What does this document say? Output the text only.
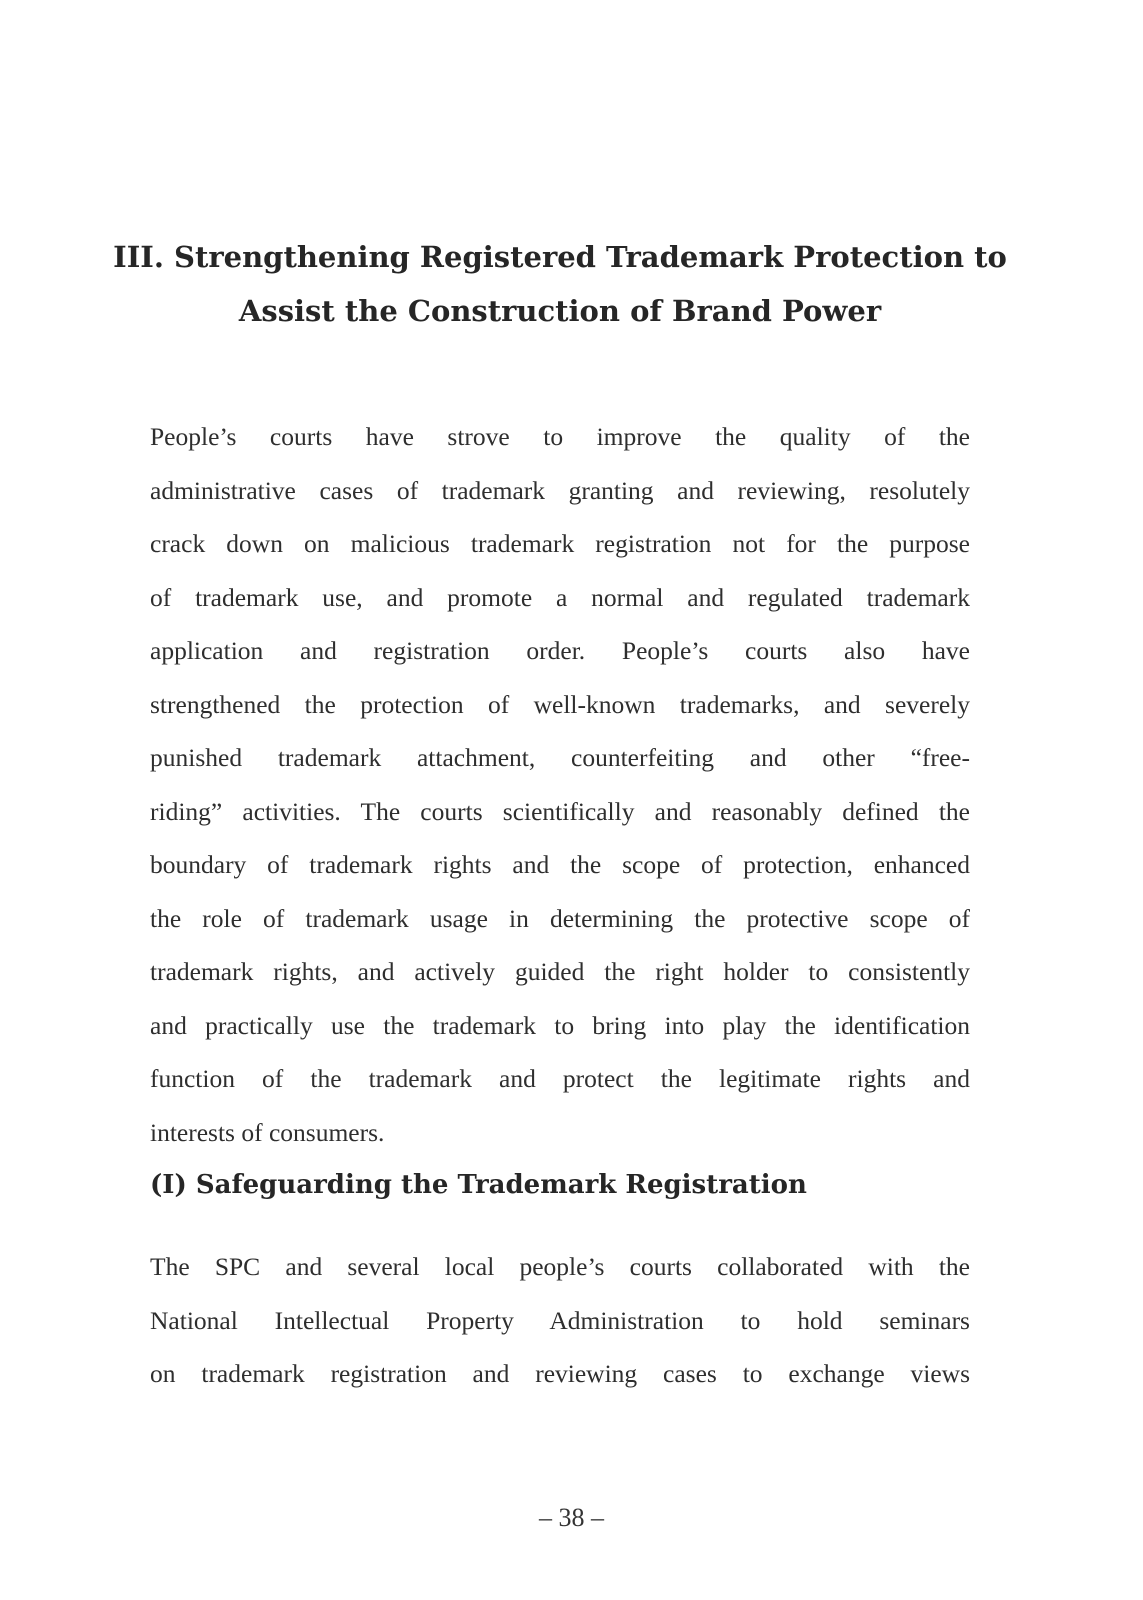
III. Strengthening Registered Trademark Protection to
Assist the Construction of Brand Power

People’s courts have strove to improve the quality of the
administrative cases of trademark granting and reviewing, resolutely
crack down on malicious trademark registration not for the purpose
of trademark use, and promote a normal and regulated trademark
application and registration order. People’s courts also have
strengthened the protection of well-known trademarks, and severely
punished trademark attachment, counterfeiting and other “free-
riding” activities. The courts scientifically and reasonably defined the
boundary of trademark rights and the scope of protection, enhanced
the role of trademark usage in determining the protective scope of
trademark rights, and actively guided the right holder to consistently
and practically use the trademark to bring into play the identification
function of the trademark and protect the legitimate rights and
interests of consumers.

(I) Safeguarding the Trademark Registration

The SPC and several local people’s courts collaborated with the
National Intellectual Property Administration to hold seminars
on trademark registration and reviewing cases to exchange views

– 38 –
